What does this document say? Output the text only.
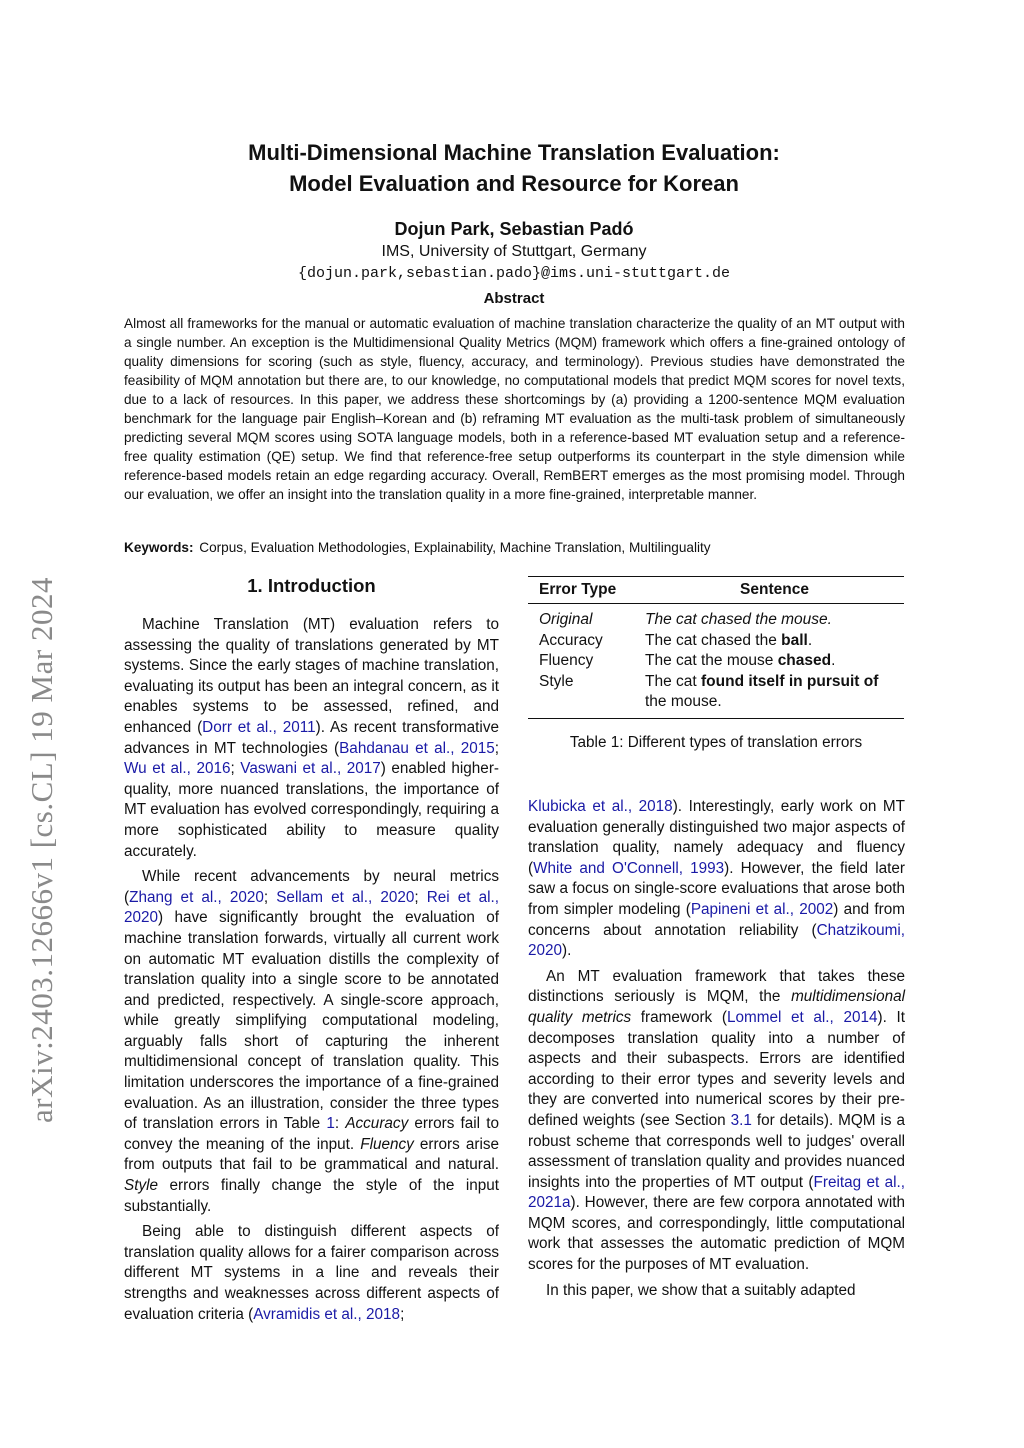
arXiv:2403.12666v1 [cs.CL] 19 Mar 2024
Multi-Dimensional Machine Translation Evaluation:
Model Evaluation and Resource for Korean
Dojun Park, Sebastian Padó
IMS, University of Stuttgart, Germany
{dojun.park,sebastian.pado}@ims.uni-stuttgart.de
Abstract
Almost all frameworks for the manual or automatic evaluation of machine translation characterize the quality of an MT output with a single number. An exception is the Multidimensional Quality Metrics (MQM) framework which offers a fine-grained ontology of quality dimensions for scoring (such as style, fluency, accuracy, and terminology). Previous studies have demonstrated the feasibility of MQM annotation but there are, to our knowledge, no computational models that predict MQM scores for novel texts, due to a lack of resources. In this paper, we address these shortcomings by (a) providing a 1200-sentence MQM evaluation benchmark for the language pair English–Korean and (b) reframing MT evaluation as the multi-task problem of simultaneously predicting several MQM scores using SOTA language models, both in a reference-based MT evaluation setup and a reference-free quality estimation (QE) setup. We find that reference-free setup outperforms its counterpart in the style dimension while reference-based models retain an edge regarding accuracy. Overall, RemBERT emerges as the most promising model. Through our evaluation, we offer an insight into the translation quality in a more fine-grained, interpretable manner.
Keywords: Corpus, Evaluation Methodologies, Explainability, Machine Translation, Multilinguality
1. Introduction

Machine Translation (MT) evaluation refers to assessing the quality of translations generated by MT systems. Since the early stages of machine translation, evaluating its output has been an integral concern, as it enables systems to be assessed, refined, and enhanced (Dorr et al., 2011). As recent transformative advances in MT technologies (Bahdanau et al., 2015; Wu et al., 2016; Vaswani et al., 2017) enabled higher-quality, more nuanced translations, the importance of MT evaluation has evolved correspondingly, requiring a more sophisticated ability to measure quality accurately.

While recent advancements by neural metrics (Zhang et al., 2020; Sellam et al., 2020; Rei et al., 2020) have significantly brought the evaluation of machine translation forwards, virtually all current work on automatic MT evaluation distills the complexity of translation quality into a single score to be annotated and predicted, respectively. A single-score approach, while greatly simplifying computational modeling, arguably falls short of capturing the inherent multidimensional concept of translation quality. This limitation underscores the importance of a fine-grained evaluation. As an illustration, consider the three types of translation errors in Table 1: Accuracy errors fail to convey the meaning of the input. Fluency errors arise from outputs that fail to be grammatical and natural. Style errors finally change the style of the input substantially.

Being able to distinguish different aspects of translation quality allows for a fairer comparison across different MT systems in a line and reveals their strengths and weaknesses across different aspects of evaluation criteria (Avramidis et al., 2018;

Error Type	Sentence
Original	The cat chased the mouse.
Accuracy	The cat chased the ball.
Fluency	The cat the mouse chased.
Style	The cat found itself in pursuit of the mouse.
Table 1: Different types of translation errors

Klubicka et al., 2018). Interestingly, early work on MT evaluation generally distinguished two major aspects of translation quality, namely adequacy and fluency (White and O'Connell, 1993). However, the field later saw a focus on single-score evaluations that arose both from simpler modeling (Papineni et al., 2002) and from concerns about annotation reliability (Chatzikoumi, 2020).

An MT evaluation framework that takes these distinctions seriously is MQM, the multidimensional quality metrics framework (Lommel et al., 2014). It decomposes translation quality into a number of aspects and their subaspects. Errors are identified according to their error types and severity levels and they are converted into numerical scores by their pre-defined weights (see Section 3.1 for details). MQM is a robust scheme that corresponds well to judges' overall assessment of translation quality and provides nuanced insights into the properties of MT output (Freitag et al., 2021a). However, there are few corpora annotated with MQM scores, and correspondingly, little computational work that assesses the automatic prediction of MQM scores for the purposes of MT evaluation.

In this paper, we show that a suitably adapted
